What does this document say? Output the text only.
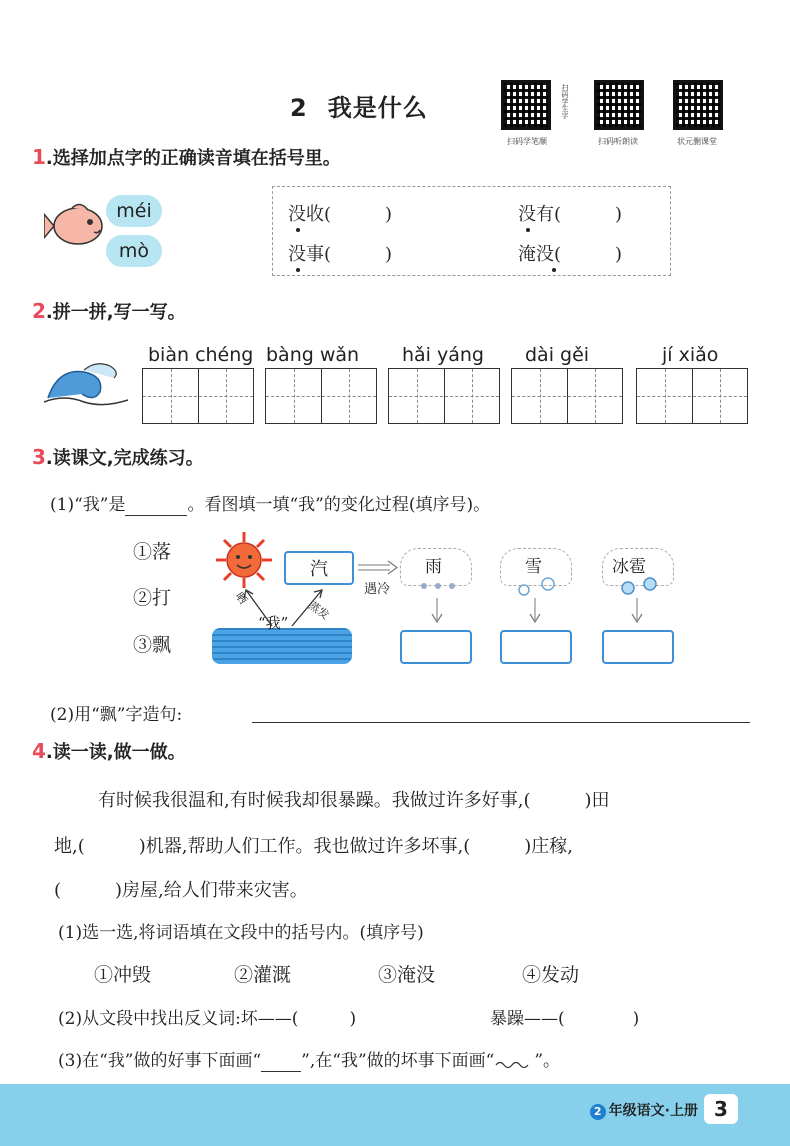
2 我是什么	扫码学生字
扫码学笔顺	扫码听朗读	状元删课堂
1.选择加点字的正确读音填在括号里。
méi
mò
没收(　　　)	没有(　　　)
没事(　　　)	淹没(　　　)
2.拼一拼,写一写。
biàn chéng bàng wǎn hǎi yáng dài gěi	jí xiǎo
3.读课文,完成练习。
(1)“我”是	。看图填一填“我”的变化过程(填序号)。
①落
②打
③飘
汽
遇冷
晒
“我”
蒸发
雨	雪	冰雹
(2)用“飘”字造句:
4.读一读,做一做。
有时候我很温和,有时候我却很暴躁。我做过许多好事,(　　　)田
地,(　　　)机器,帮助人们工作。我也做过许多坏事,(　　　)庄稼,
(　　　)房屋,给人们带来灾害。
(1)选一选,将词语填在文段中的括号内。(填序号)
①冲毁	②灌溉	③淹没	④发动
(2)从文段中找出反义词:坏——(　　　)	暴躁——(　　　　)
(3)在“我”做的好事下面画“ ”,在“我”做的坏事下面画“ ”。
2 年级语文·上册 3
